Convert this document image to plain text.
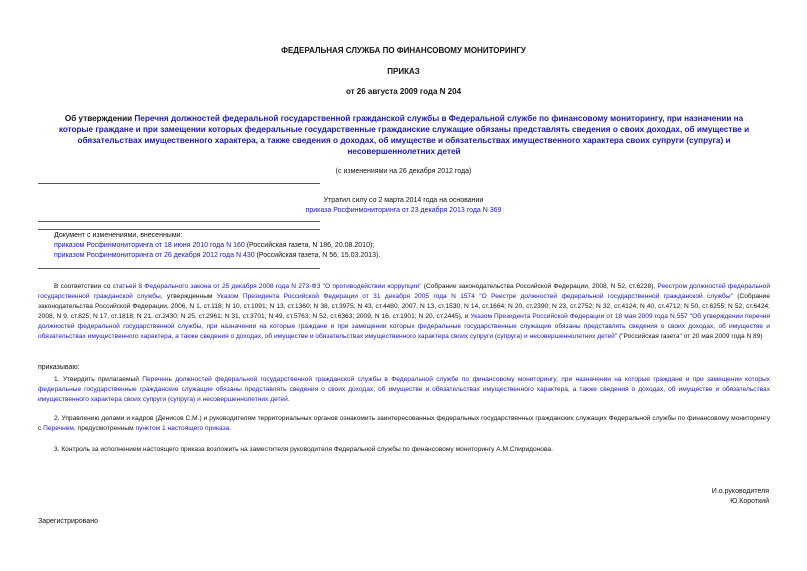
ФЕДЕРАЛЬНАЯ СЛУЖБА ПО ФИНАНСОВОМУ МОНИТОРИНГУ
ПРИКАЗ
от 26 августа 2009 года N 204
Об утверждении Перечня должностей федеральной государственной гражданской службы в Федеральной службе по финансовому мониторингу, при назначении на которые граждане и при замещении которых федеральные государственные гражданские служащие обязаны представлять сведения о своих доходах, об имуществе и обязательствах имущественного характера, а также сведения о доходах, об имуществе и обязательствах имущественного характера своих супруги (супруга) и несовершеннолетних детей
(с изменениями на 26 декабря 2012 года)
Утратил силу со 2 марта 2014 года на основании
приказа Росфинмониторинга от 23 декабря 2013 года N 369
Документ с изменениями, внесенными:
приказом Росфинмониторинга от 18 июня 2010 года N 160 (Российская газета, N 186, 20.08.2010);
приказом Росфинмониторинга от 26 декабря 2012 года N 430 (Российская газета, N 56, 15.03.2013).
В соответствии со статьей 8 Федерального закона от 25 декабря 2008 года N 273-ФЗ "О противодействии коррупции" (Собрание законодательства Российской Федерации, 2008, N 52, ст.6228), Реестром должностей федеральной государственной гражданской службы, утвержденным Указом Президента Российской Федерации от 31 декабря 2005 года N 1574 "О Реестре должностей федеральной государственной гражданской службы" (Собрание законодательства Российской Федерации, 2006, N 1, ст.118; N 10, ст.1091; N 13, ст.1360; N 38, ст.3975; N 43, ст.4480; 2007, N 13, ст.1530; N 14, ст.1664; N 20, ст.2390; N 23, ст.2752; N 32, ст.4124; N 40, ст.4712; N 50, ст.6255; N 52, ст.6424; 2008, N 9, ст.825; N 17, ст.1818; N 21, ст.2430; N 25, ст.2961; N 31, ст.3701; N 49, ст.5763; N 52, ст.6363; 2009, N 16, ст.1901; N 20, ст.2445), и Указом Президента Российской Федерации от 18 мая 2009 года N 557 "Об утверждении перечня должностей федеральной государственной службы, при назначении на которые граждане и при замещении которых федеральные государственные служащие обязаны представлять сведения о своих доходах, об имуществе и обязательствах имущественного характера, а также сведения о доходах, об имуществе и обязательствах имущественного характера своих супруги (супруга) и несовершеннолетних детей" ("Российская газета" от 20 мая 2009 года N 89)
приказываю:
1. Утвердить прилагаемый Перечень должностей федеральной государственной гражданской службы в Федеральной службе по финансовому мониторингу, при назначении на которые граждане и при замещении которых федеральные государственные гражданские служащие обязаны представлять сведения о своих доходах, об имуществе и обязательствах имущественного характера, а также сведения о доходах, об имуществе и обязательствах имущественного характера своих супруги (супруга) и несовершеннолетних детей.
2. Управлению делами и кадров (Денисов С.М.) и руководителям территориальных органов ознакомить заинтересованных федеральных государственных гражданских служащих Федеральной службы по финансовому мониторингу с Перечнем, предусмотренным пунктом 1 настоящего приказа.
3. Контроль за исполнением настоящего приказа возложить на заместителя руководителя Федеральной службы по финансовому мониторингу А.М.Спиридонова.
И.о.руководителя
Ю.Короткий
Зарегистрировано
